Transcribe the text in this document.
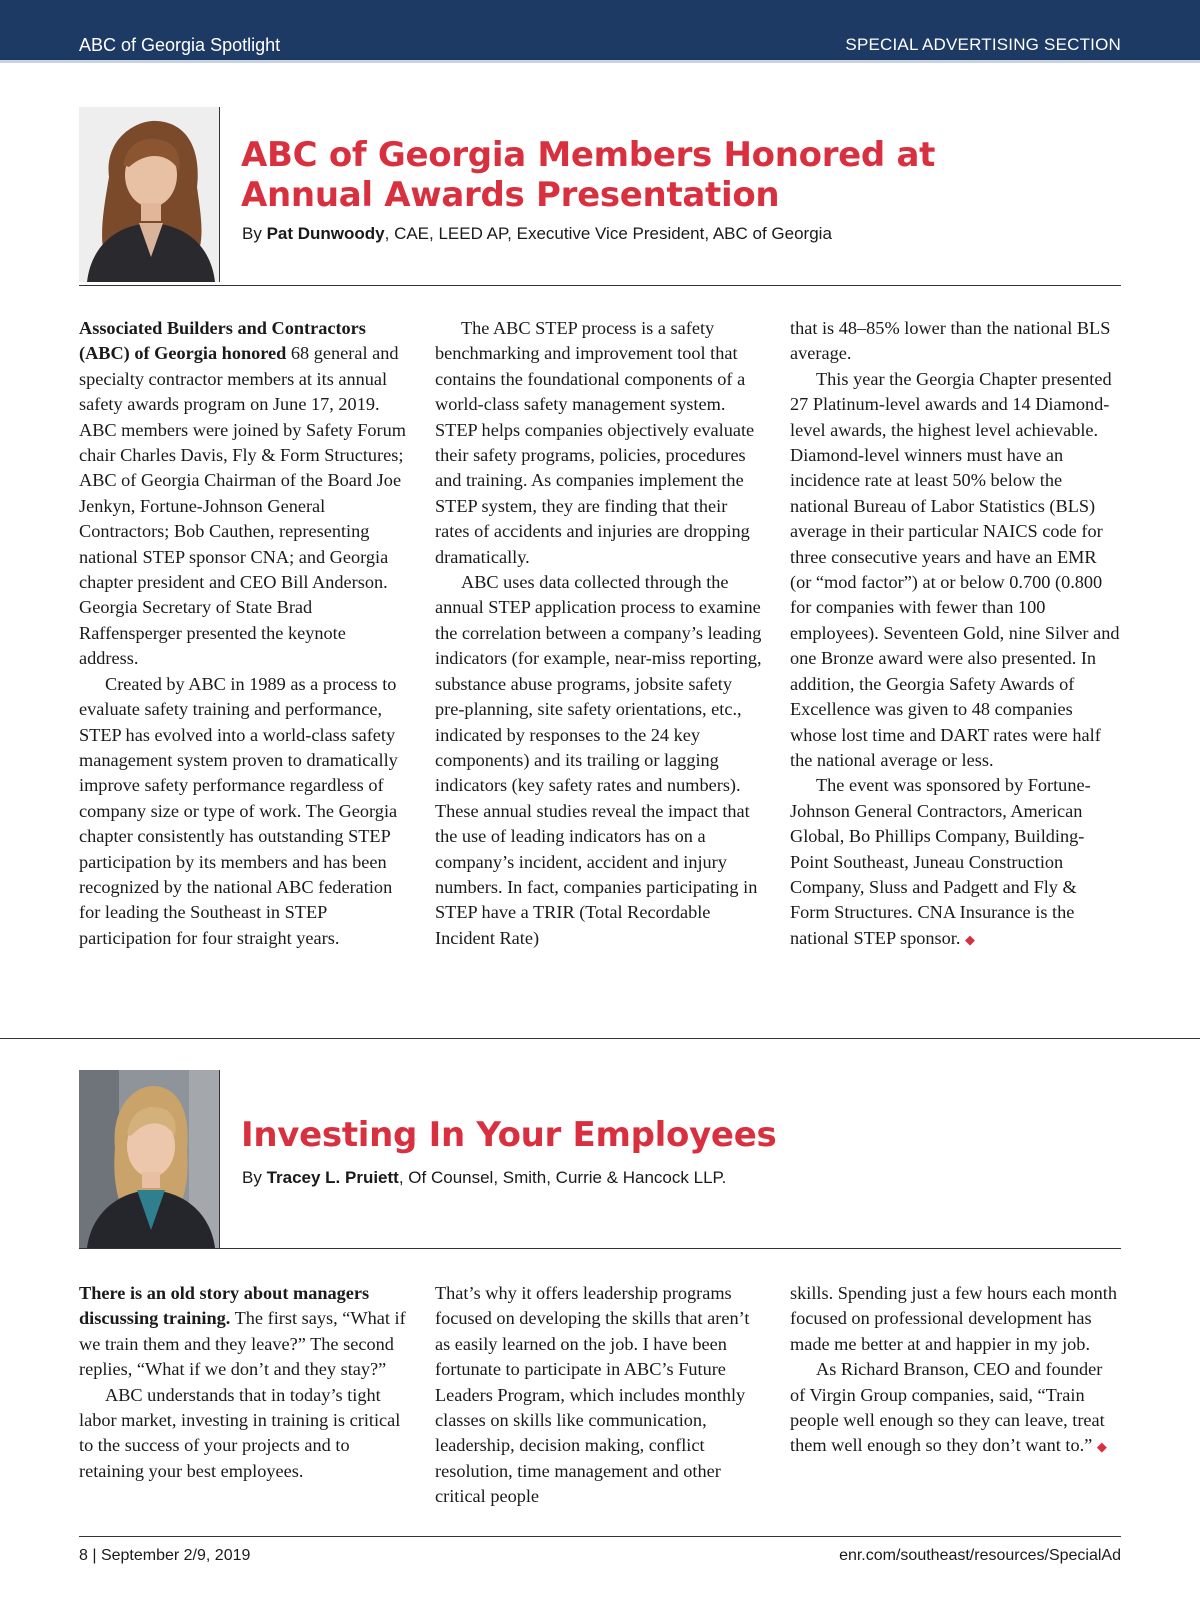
ABC of Georgia Spotlight	SPECIAL ADVERTISING SECTION
ABC of Georgia Members Honored at
Annual Awards Presentation
By Pat Dunwoody, CAE, LEED AP, Executive Vice President, ABC of Georgia

Associated Builders and Contractors (ABC) of Georgia honored 68 general and specialty contractor members at its annual safety awards program on June 17, 2019. ABC members were joined by Safety Forum chair Charles Davis, Fly & Form Structures; ABC of Georgia Chairman of the Board Joe Jenkyn, Fortune-Johnson General Contractors; Bob Cauthen, representing national STEP sponsor CNA; and Georgia chapter president and CEO Bill Anderson. Georgia Secretary of State Brad Raffensperger presented the keynote address.

Created by ABC in 1989 as a process to evaluate safety training and performance, STEP has evolved into a world-class safety management system proven to dramatically improve safety performance regardless of company size or type of work. The Georgia chapter consistently has outstanding STEP participation by its members and has been recognized by the national ABC federation for leading the Southeast in STEP participation for four straight years.

The ABC STEP process is a safety benchmarking and improvement tool that contains the foundational components of a world-class safety management system. STEP helps companies objectively evaluate their safety programs, policies, procedures and training. As companies implement the STEP system, they are finding that their rates of accidents and injuries are dropping dramatically.

ABC uses data collected through the annual STEP application process to examine the correlation between a company’s leading indicators (for example, near-miss reporting, substance abuse programs, jobsite safety pre-planning, site safety orientations, etc., indicated by responses to the 24 key components) and its trailing or lagging indicators (key safety rates and numbers). These annual studies reveal the impact that the use of leading indicators has on a company’s incident, accident and injury numbers. In fact, companies participating in STEP have a TRIR (Total Recordable Incident Rate)

that is 48–85% lower than the national BLS average.

This year the Georgia Chapter presented 27 Platinum-level awards and 14 Diamond-level awards, the highest level achievable. Diamond-level winners must have an incidence rate at least 50% below the national Bureau of Labor Statistics (BLS) average in their particular NAICS code for three consecutive years and have an EMR (or “mod factor”) at or below 0.700 (0.800 for companies with fewer than 100 employees). Seventeen Gold, nine Silver and one Bronze award were also presented. In addition, the Georgia Safety Awards of Excellence was given to 48 companies whose lost time and DART rates were half the national average or less.

The event was sponsored by Fortune-Johnson General Contractors, American Global, Bo Phillips Company, Building-Point Southeast, Juneau Construction Company, Sluss and Padgett and Fly & Form Structures. CNA Insurance is the national STEP sponsor. ◆

Investing In Your Employees
By Tracey L. Pruiett, Of Counsel, Smith, Currie & Hancock LLP.

There is an old story about managers discussing training. The first says, “What if we train them and they leave?” The second replies, “What if we don’t and they stay?”

ABC understands that in today’s tight labor market, investing in training is critical to the success of your projects and to retaining your best employees.

That’s why it offers leadership programs focused on developing the skills that aren’t as easily learned on the job. I have been fortunate to participate in ABC’s Future Leaders Program, which includes monthly classes on skills like communication, leadership, decision making, conflict resolution, time management and other critical people

skills. Spending just a few hours each month focused on professional development has made me better at and happier in my job.

As Richard Branson, CEO and founder of Virgin Group companies, said, “Train people well enough so they can leave, treat them well enough so they don’t want to.” ◆

8 | September 2/9, 2019	enr.com/southeast/resources/SpecialAd
